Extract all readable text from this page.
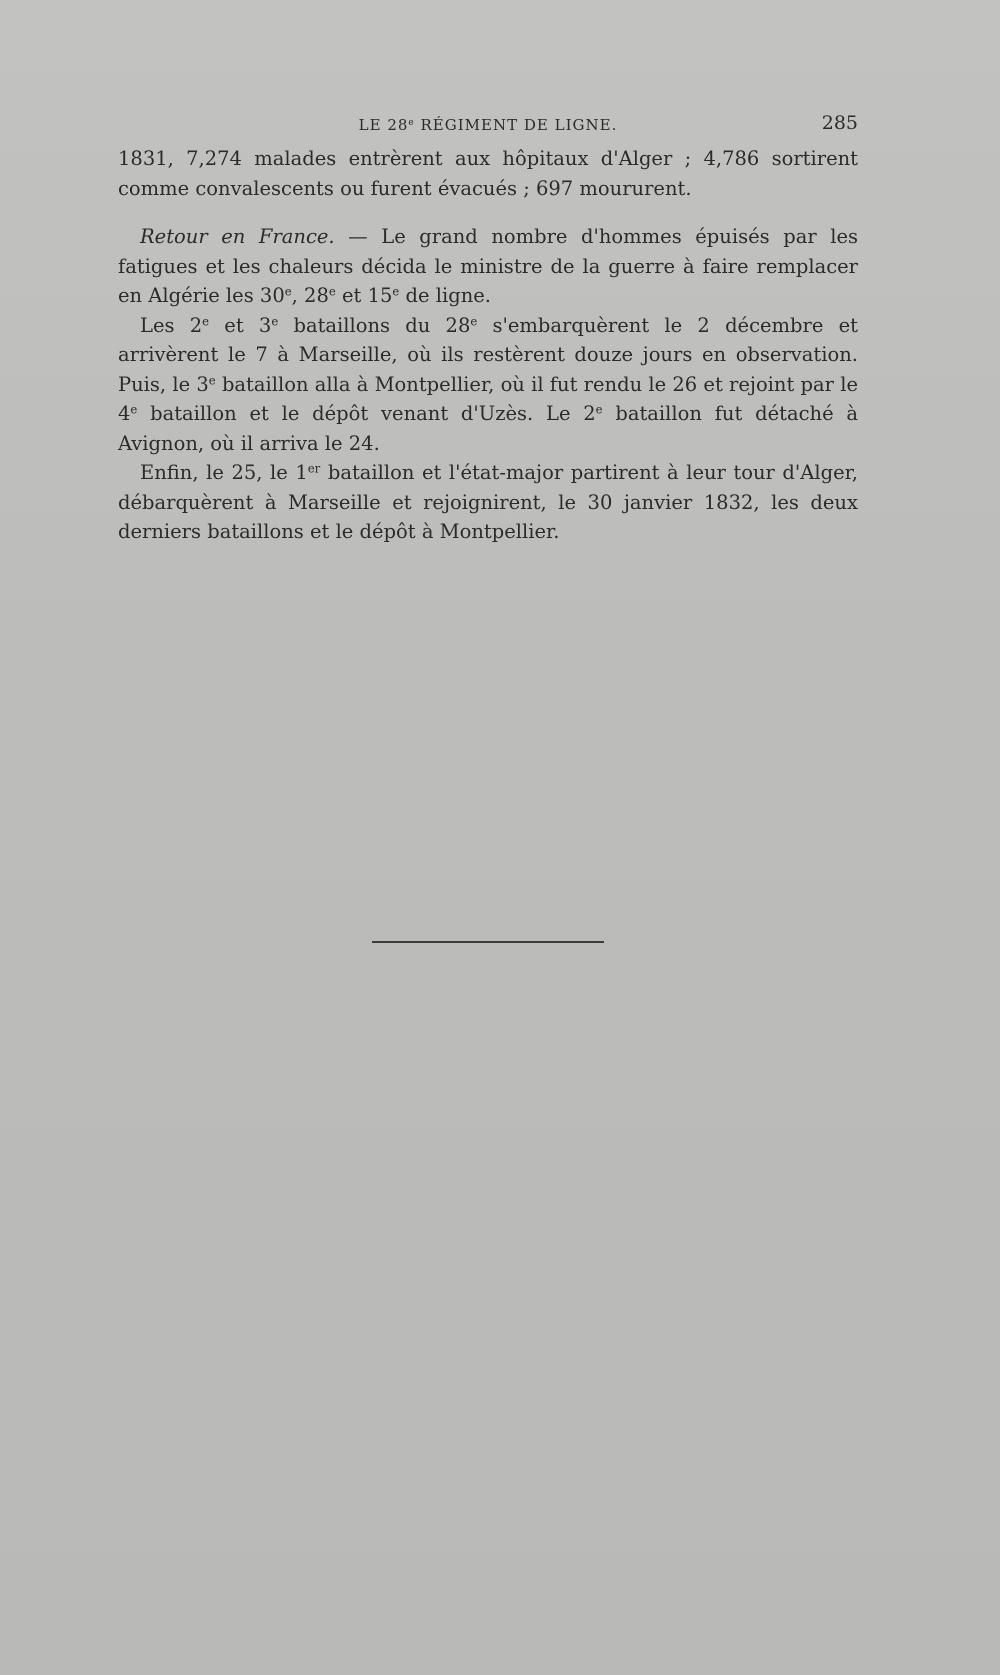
LE 28e RÉGIMENT DE LIGNE.	285

1831, 7,274 malades entrèrent aux hôpitaux d'Alger ; 4,786 sortirent comme convalescents ou furent évacués ; 697 moururent.

Retour en France. — Le grand nombre d'hommes épuisés par les fatigues et les chaleurs décida le ministre de la guerre à faire remplacer en Algérie les 30e, 28e et 15e de ligne.

Les 2e et 3e bataillons du 28e s'embarquèrent le 2 décembre et arrivèrent le 7 à Marseille, où ils restèrent douze jours en observation. Puis, le 3e bataillon alla à Montpellier, où il fut rendu le 26 et rejoint par le 4e bataillon et le dépôt venant d'Uzès. Le 2e bataillon fut détaché à Avignon, où il arriva le 24.

Enfin, le 25, le 1er bataillon et l'état-major partirent à leur tour d'Alger, débarquèrent à Marseille et rejoignirent, le 30 janvier 1832, les deux derniers bataillons et le dépôt à Montpellier.
